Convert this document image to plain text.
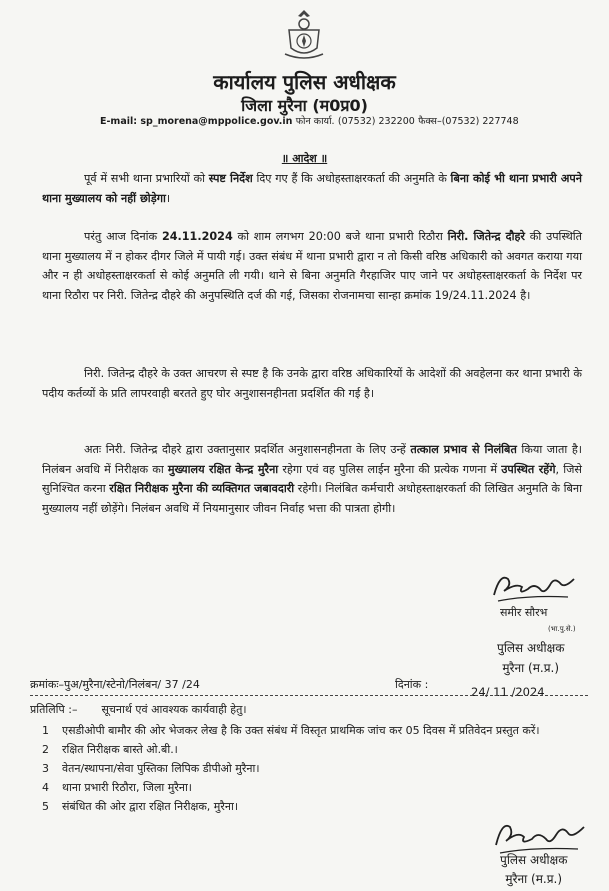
कार्यालय पुलिस अधीक्षक
जिला मुरैना (म0प्र0)
E-mail: sp_morena@mppolice.gov.in फोन कार्या. (07532) 232200 फैक्स–(07532) 227748
॥ आदेश ॥
पूर्व में सभी थाना प्रभारियों को स्पष्ट निर्देश दिए गए हैं कि अधोहस्ताक्षरकर्ता की अनुमति के बिना कोई भी थाना प्रभारी अपने थाना मुख्यालय को नहीं छोड़ेगा।
परंतु आज दिनांक 24.11.2024 को शाम लगभग 20:00 बजे थाना प्रभारी रिठौरा निरी. जितेन्द्र दौहरे की उपस्थिति थाना मुख्यालय में न होकर दीगर जिले में पायी गई। उक्त संबंध में थाना प्रभारी द्वारा न तो किसी वरिष्ठ अधिकारी को अवगत कराया गया और न ही अधोहस्ताक्षरकर्ता से कोई अनुमति ली गयी। थाने से बिना अनुमति गैरहाजिर पाए जाने पर अधोहस्ताक्षरकर्ता के निर्देश पर थाना रिठौरा पर निरी. जितेन्द्र दौहरे की अनुपस्थिति दर्ज की गई, जिसका रोजनामचा सान्हा क्रमांक 19/24.11.2024 है।
निरी. जितेन्द्र दौहरे के उक्त आचरण से स्पष्ट है कि उनके द्वारा वरिष्ठ अधिकारियों के आदेशों की अवहेलना कर थाना प्रभारी के पदीय कर्तव्यों के प्रति लापरवाही बरतते हुए घोर अनुशासनहीनता प्रदर्शित की गई है।
अतः निरी. जितेन्द्र दौहरे द्वारा उक्तानुसार प्रदर्शित अनुशासनहीनता के लिए उन्हें तत्काल प्रभाव से निलंबित किया जाता है। निलंबन अवधि में निरीक्षक का मुख्यालय रक्षित केन्द्र मुरैना रहेगा एवं वह पुलिस लाईन मुरैना की प्रत्येक गणना में उपस्थित रहेंगे, जिसे सुनिश्चित करना रक्षित निरीक्षक मुरैना की व्यक्तिगत जबावदारी रहेगी। निलंबित कर्मचारी अधोहस्ताक्षरकर्ता की लिखित अनुमति के बिना मुख्यालय नहीं छोड़ेंगे। निलंबन अवधि में नियमानुसार जीवन निर्वाह भत्ता की पात्रता होगी।
समीर सौरभ
(भा.पु.से.)
पुलिस अधीक्षक
मुरैना (म.प्र.)
क्रमांकः–पुअ/मुरैना/स्टेनो/निलंबन/ 37 /24	दिनांक :
24/ 11 /2024
प्रतिलिपि :– सूचनार्थ एवं आवश्यक कार्यवाही हेतु।
1 एसडीओपी बामौर की ओर भेजकर लेख है कि उक्त संबंध में विस्तृत प्राथमिक जांच कर 05 दिवस में प्रतिवेदन प्रस्तुत करें।
2 रक्षित निरीक्षक बास्ते ओ.बी.।
3 वेतन/स्थापना/सेवा पुस्तिका लिपिक डीपीओ मुरैना।
4 थाना प्रभारी रिठौरा, जिला मुरैना।
5 संबंधित की ओर द्वारा रक्षित निरीक्षक, मुरैना।
पुलिस अधीक्षक
मुरैना (म.प्र.)
